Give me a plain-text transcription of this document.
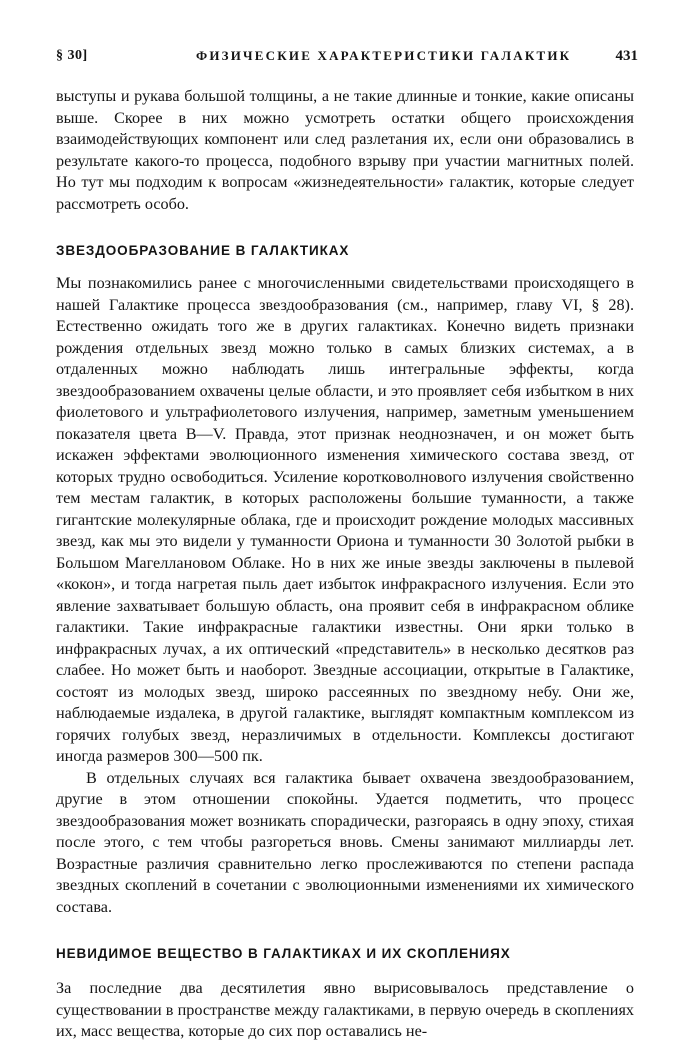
§ 30]	ФИЗИЧЕСКИЕ ХАРАКТЕРИСТИКИ ГАЛАКТИК	431

выступы и рукава большой толщины, а не такие длинные и тонкие, какие описаны выше. Скорее в них можно усмотреть остатки общего происхождения взаимодействующих компонент или след разлетания их, если они образовались в результате какого-то процесса, подобного взрыву при участии магнитных полей. Но тут мы подходим к вопросам «жизнедеятельности» галактик, которые следует рассмотреть особо.

ЗВЕЗДООБРАЗОВАНИЕ В ГАЛАКТИКАХ

Мы познакомились ранее с многочисленными свидетельствами происходящего в нашей Галактике процесса звездообразования (см., например, главу VI, § 28). Естественно ожидать того же в других галактиках. Конечно видеть признаки рождения отдельных звезд можно только в самых близких системах, а в отдаленных можно наблюдать лишь интегральные эффекты, когда звездообразованием охвачены целые области, и это проявляет себя избытком в них фиолетового и ультрафиолетового излучения, например, заметным уменьшением показателя цвета B—V. Правда, этот признак неоднозначен, и он может быть искажен эффектами эволюционного изменения химического состава звезд, от которых трудно освободиться. Усиление коротковолнового излучения свойственно тем местам галактик, в которых расположены большие туманности, а также гигантские молекулярные облака, где и происходит рождение молодых массивных звезд, как мы это видели у туманности Ориона и туманности 30 Золотой рыбки в Большом Магеллановом Облаке. Но в них же иные звезды заключены в пылевой «кокон», и тогда нагретая пыль дает избыток инфракрасного излучения. Если это явление захватывает большую область, она проявит себя в инфракрасном облике галактики. Такие инфракрасные галактики известны. Они ярки только в инфракрасных лучах, а их оптический «представитель» в несколько десятков раз слабее. Но может быть и наоборот. Звездные ассоциации, открытые в Галактике, состоят из молодых звезд, широко рассеянных по звездному небу. Они же, наблюдаемые издалека, в другой галактике, выглядят компактным комплексом из горячих голубых звезд, неразличимых в отдельности. Комплексы достигают иногда размеров 300—500 пк.

В отдельных случаях вся галактика бывает охвачена звездообразованием, другие в этом отношении спокойны. Удается подметить, что процесс звездообразования может возникать спорадически, разгораясь в одну эпоху, стихая после этого, с тем чтобы разгореться вновь. Смены занимают миллиарды лет. Возрастные различия сравнительно легко прослеживаются по степени распада звездных скоплений в сочетании с эволюционными изменениями их химического состава.

НЕВИДИМОЕ ВЕЩЕСТВО В ГАЛАКТИКАХ И ИХ СКОПЛЕНИЯХ

За последние два десятилетия явно вырисовывалось представление о существовании в пространстве между галактиками, в первую очередь в скоплениях их, масс вещества, которые до сих пор оставались не-
